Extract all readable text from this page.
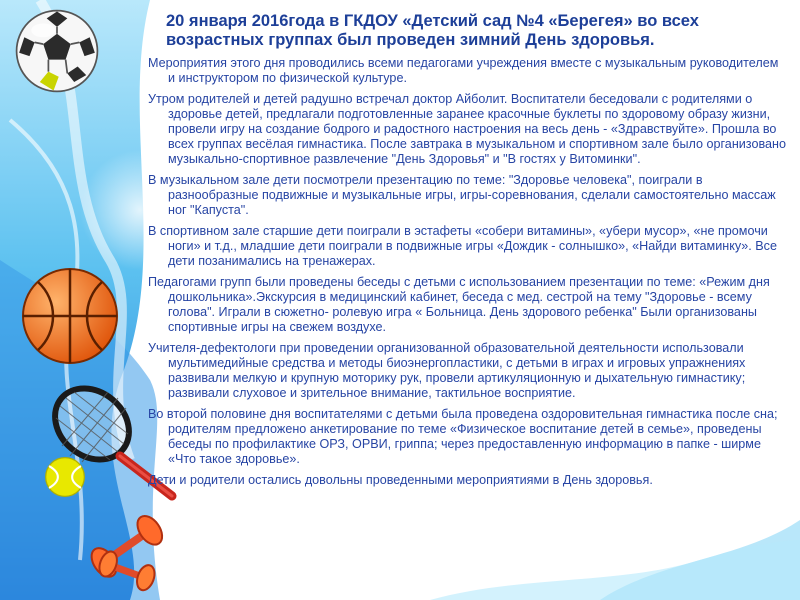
20 января 2016года в ГКДОУ «Детский сад №4 «Берегея» во всех возрастных группах был проведен зимний День здоровья.

Мероприятия этого дня проводились всеми педагогами учреждения вместе с музыкальным руководителем и инструктором по физической культуре.

Утром родителей и детей радушно встречал доктор Айболит. Воспитатели беседовали с родителями о здоровье детей, предлагали подготовленные заранее красочные буклеты по здоровому образу жизни, провели игру на создание бодрого и радостного настроения на весь день - «Здравствуйте». Прошла во всех группах весёлая гимнастика. После завтрака в музыкальном и спортивном зале было организовано музыкально-спортивное развлечение "День Здоровья" и "В гостях у Витоминки".

В музыкальном зале дети посмотрели презентацию по теме: "Здоровье человека", поиграли в разнообразные подвижные и музыкальные игры, игры-соревнования, сделали самостоятельно массаж ног "Капуста".

В спортивном зале старшие дети поиграли в эстафеты «собери витамины», «убери мусор», «не промочи ноги» и т.д., младшие дети поиграли в подвижные игры «Дождик - солнышко», «Найди витаминку». Все дети позанимались на тренажерах.

Педагогами групп были проведены беседы с детьми с использованием презентации по теме: «Режим дня дошкольника».Экскурсия в медицинский кабинет, беседа с мед. сестрой на тему "Здоровье - всему голова". Играли в сюжетно- ролевую игра « Больница. День здорового ребенка" Были организованы спортивные игры на свежем воздухе.

Учителя-дефектологи при проведении организованной образовательной деятельности использовали мультимедийные средства и методы биоэнергопластики, с детьми в играх и игровых упражнениях развивали мелкую и крупную моторику рук, провели артикуляционную и дыхательную гимнастику; развивали слуховое и зрительное внимание, тактильное восприятие.

Во второй половине дня воспитателями с детьми была проведена оздоровительная гимнастика после сна; родителям предложено анкетирование по теме «Физическое воспитание детей в семье», проведены беседы по профилактике ОРЗ, ОРВИ, гриппа; через предоставленную информацию в папке - ширме «Что такое здоровье».

Дети и родители остались довольны проведенными мероприятиями в День здоровья.
